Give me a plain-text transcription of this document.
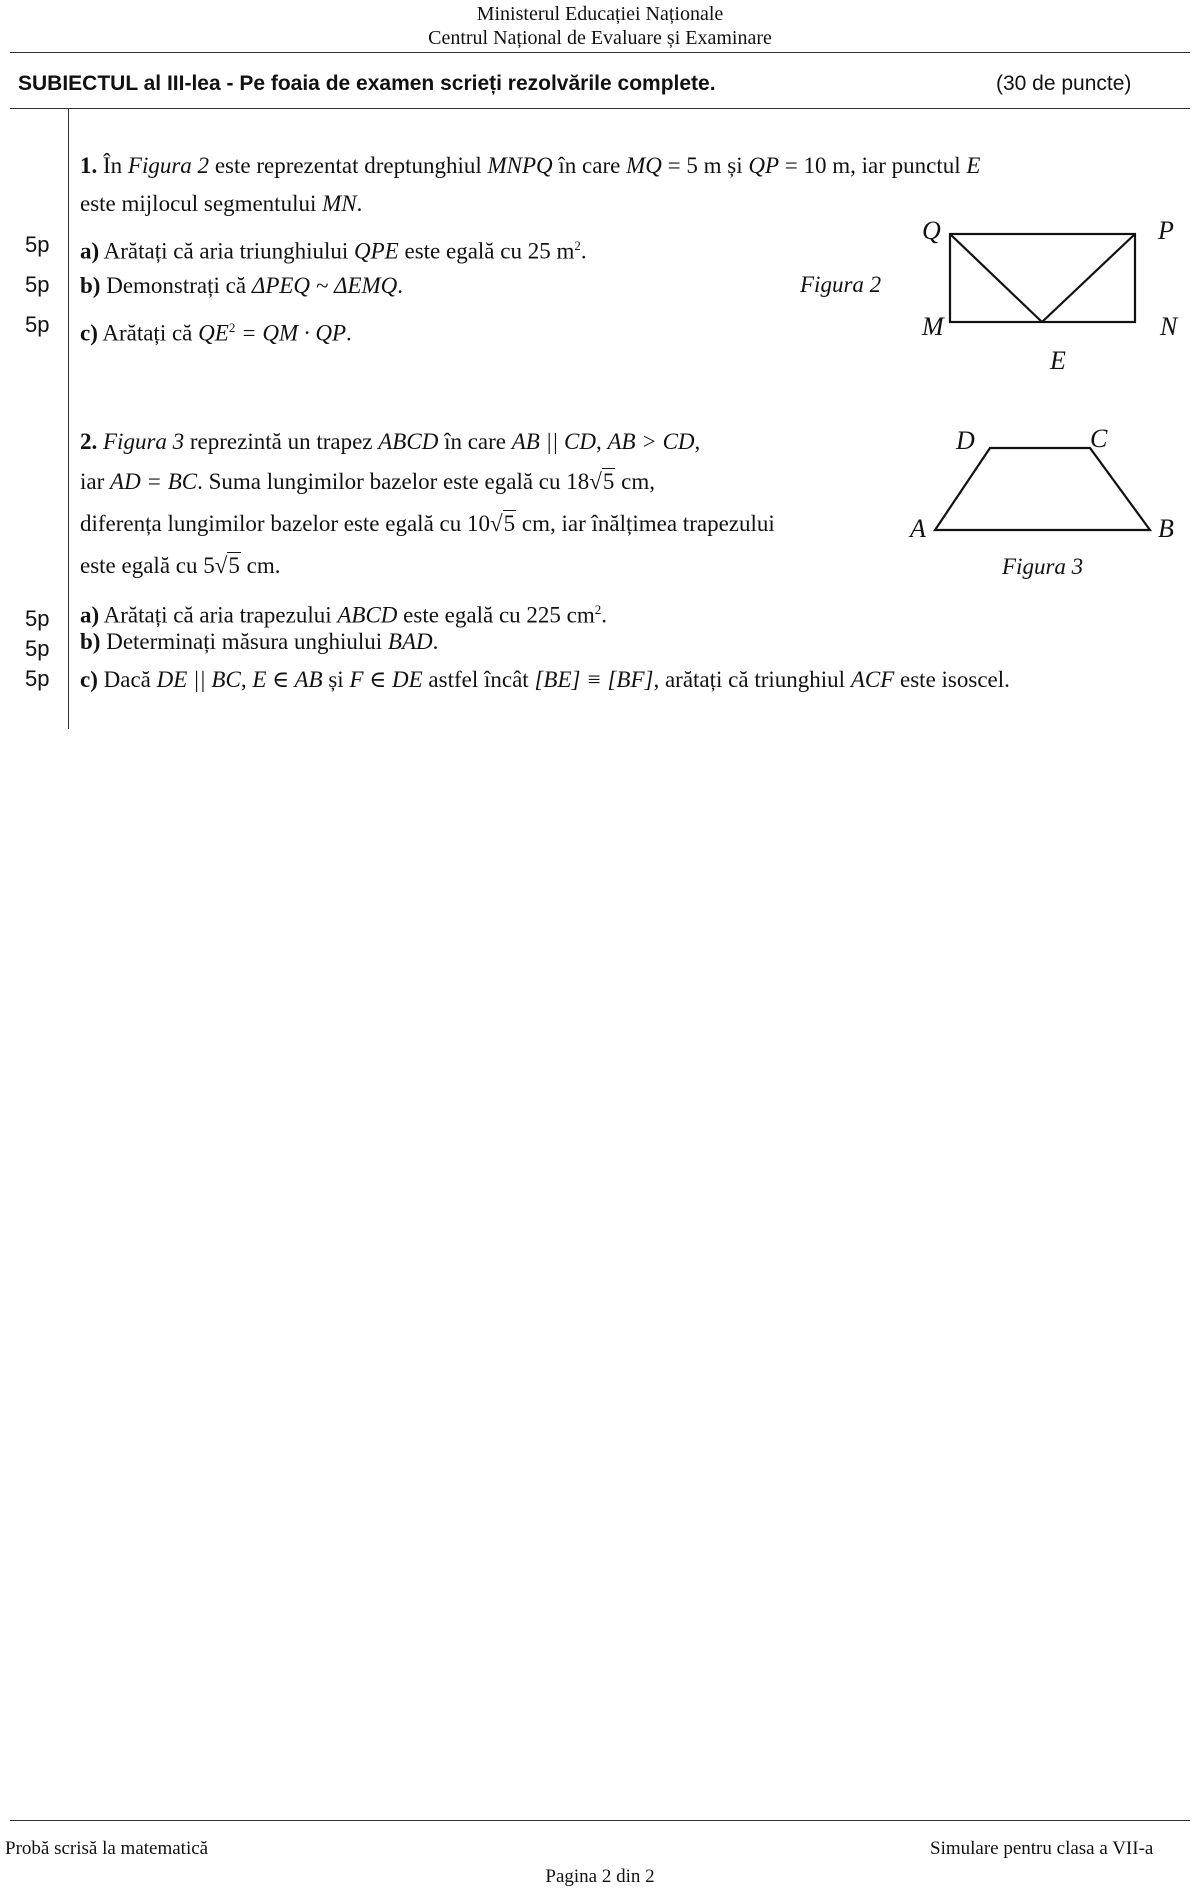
Ministerul Educației Naționale
Centrul Național de Evaluare și Examinare
SUBIECTUL al III-lea - Pe foaia de examen scrieți rezolvările complete.	(30 de puncte)
5p
5p
5p
5p
5p
5p
1. În Figura 2 este reprezentat dreptunghiul MNPQ în care MQ = 5 m și QP = 10 m, iar punctul E
este mijlocul segmentului MN.
a) Arătați că aria triunghiului QPE este egală cu 25 $m^2$.
b) Demonstrați că ΔPEQ ~ ΔEMQ.
c) Arătați că $QE^2$ = QM · QP.
Figura 2
Q	P
M	N
E
2. Figura 3 reprezintă un trapez ABCD în care AB || CD, AB > CD,
iar AD = BC. Suma lungimilor bazelor este egală cu 18√5 cm,
diferența lungimilor bazelor este egală cu 10√5 cm, iar înălțimea trapezului
este egală cu 5√5 cm.
a) Arătați că aria trapezului ABCD este egală cu 225 $cm^2$.
b) Determinați măsura unghiului BAD.
c) Dacă DE || BC, E ∈ AB și F ∈ DE astfel încât [BE] ≡ [BF], arătați că triunghiul ACF este isoscel.
A	B
C
D
Figura 3
Probă scrisă la matematică	Simulare pentru clasa a VII-a
Pagina 2 din 2
